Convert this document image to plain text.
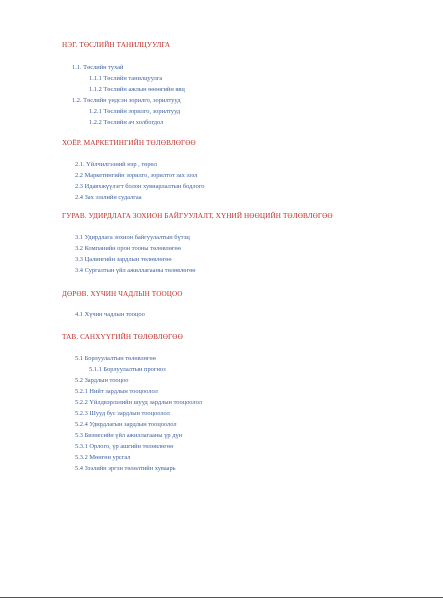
НЭГ. ТӨСЛИЙН ТАНИЛЦУУЛГА
1.1. Төслийн тухай
1.1.1 Төслийн танилцуулга
1.1.2 Төслийн ажлын өөөөгийн явц
1.2. Төслийн үндсэн зорилго, зорилтууд
1.2.1 Төслийн зорилго, зорилтууд
1.2.2 Төслийн ач холбогдол
ХОЁР. МАРКЕТИНГИЙН ТӨЛӨВЛӨГӨӨ
2.1. Үйлчилгээний нэр , төрөл
2.2 Маркетингийн зорилго, зорилтот зах зээл
2.3 Идавхжүүлэгт болон хувиарлалтын бодлого
2.4 Зах зээлийн судалгаа
ГУРАВ. УДИРДЛАГА ЗОХИОН БАЙГУУЛАЛТ, ХҮНИЙ НӨӨЦИЙН ТӨЛӨВЛӨГӨӨ
3.1 Удирдлага зохион байгуулалтын бүтэц
3.2 Компанийн орон тооны төлөвлөгөө
3.3 Цалингийн зардлын төлөвлөгөө
3.4 Сургалтын үйл ажиллагааны төлөвлөгөө
ДӨРӨВ. ХҮЧИН ЧАДЛЫН ТООЦОО
4.1 Хүчин чадлын тооцоо
ТАВ. САНХҮҮГИЙН ТӨЛӨВЛӨГӨӨ
5.1 Борлуулалтын төлөвлөгөө
5.1.1 Борлуулалтын прогноз
5.2 Зардлын тооцоо
5.2.1 Нийт зардлын тооцоолол
5.2.2 Үйлдвэрлэлийн шууд зардлын тооцоолол
5.2.3 Шууд бус зардлын тооцоолол
5.2.4 Удирдлагын зардлын тооцоолол
5.3 Бизнесийн үйл ажиллагааны үр дүн
5.3.1 Орлого, үр ашгийн төлөвлөгөө
5.3.2 Мөнгөн урсгал
5.4 Зээлийн эргэн төлөлтийн хуваарь
